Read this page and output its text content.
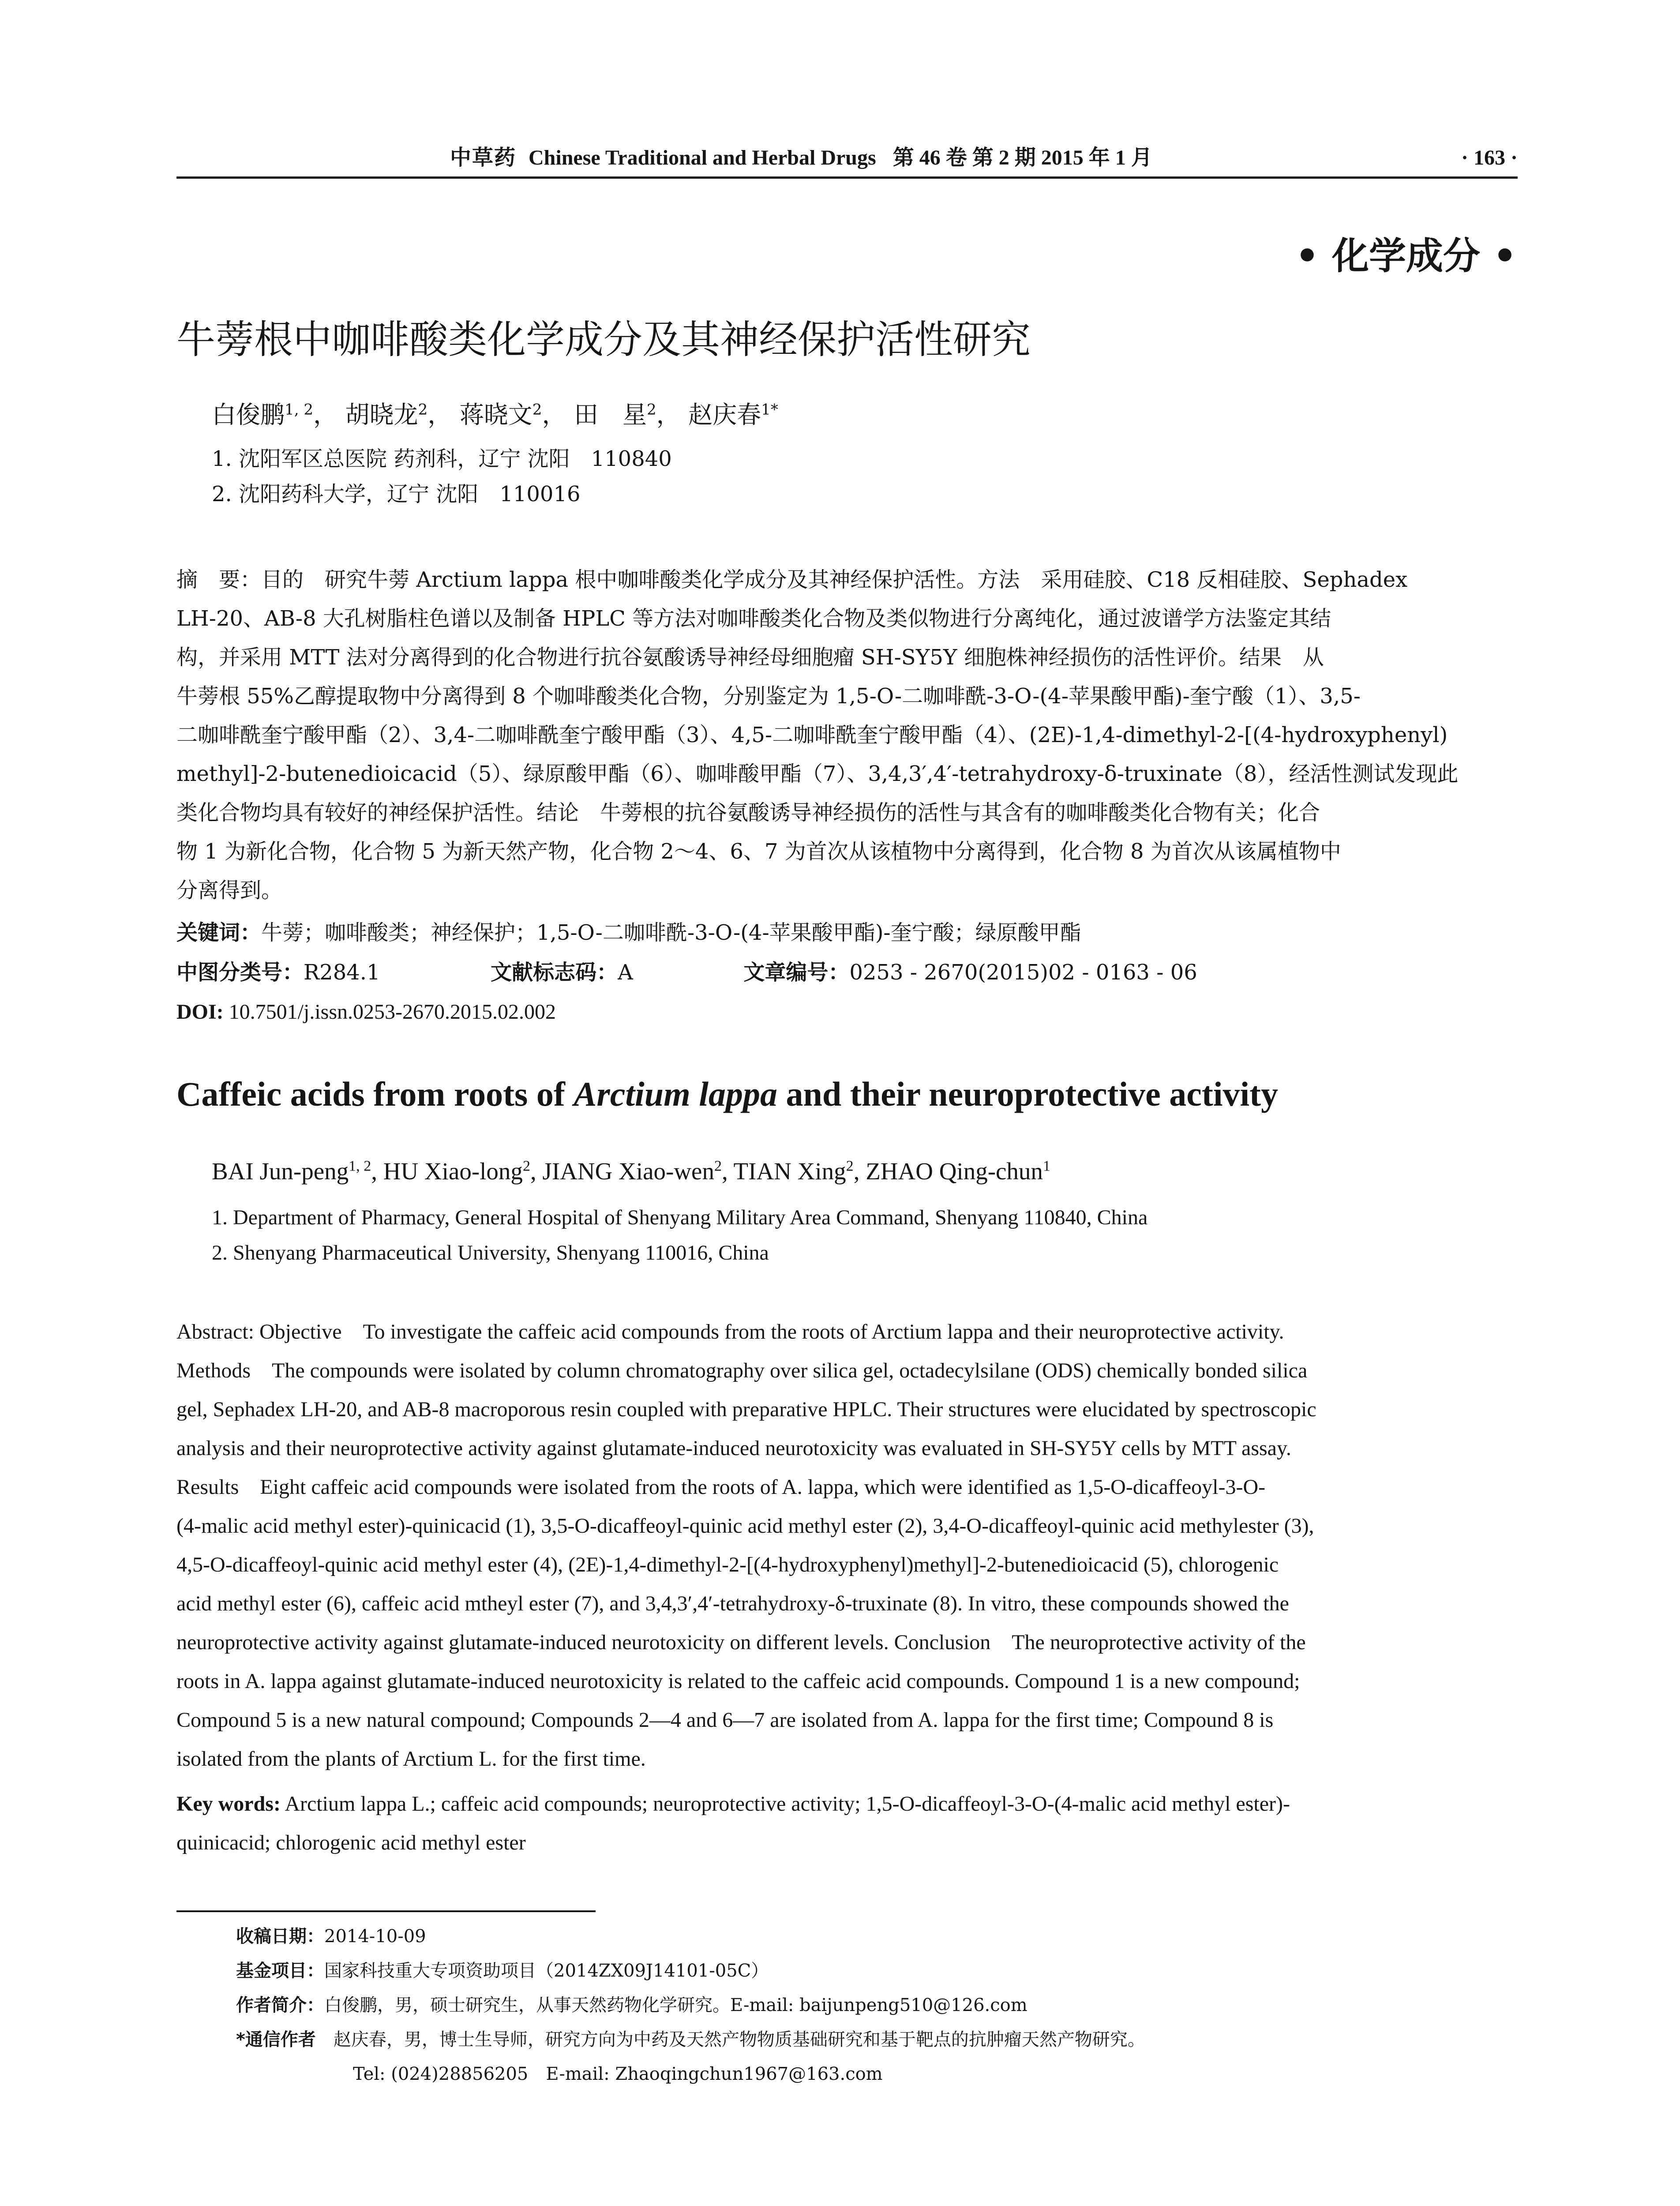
中草药 Chinese Traditional and Herbal Drugs 第 46 卷 第 2 期 2015 年 1 月	· 163 ·
• 化学成分 •
牛蒡根中咖啡酸类化学成分及其神经保护活性研究
白俊鹏$^{1, 2}$， 胡晓龙$^2$， 蒋晓文$^2$， 田　星$^2$， 赵庆春$^{1*}$
1. 沈阳军区总医院 药剂科，辽宁 沈阳　110840
2. 沈阳药科大学，辽宁 沈阳　110016
摘　要：目的　研究牛蒡 Arctium lappa 根中咖啡酸类化学成分及其神经保护活性。方法　采用硅胶、C18 反相硅胶、Sephadex
LH-20、AB-8 大孔树脂柱色谱以及制备 HPLC 等方法对咖啡酸类化合物及类似物进行分离纯化，通过波谱学方法鉴定其结
构，并采用 MTT 法对分离得到的化合物进行抗谷氨酸诱导神经母细胞瘤 SH-SY5Y 细胞株神经损伤的活性评价。结果　从
牛蒡根 55%乙醇提取物中分离得到 8 个咖啡酸类化合物，分别鉴定为 1,5-O-二咖啡酰-3-O-(4-苹果酸甲酯)-奎宁酸（1）、3,5-
二咖啡酰奎宁酸甲酯（2）、3,4-二咖啡酰奎宁酸甲酯（3）、4,5-二咖啡酰奎宁酸甲酯（4）、(2E)-1,4-dimethyl-2-[(4-hydroxyphenyl)
methyl]-2-butenedioicacid（5）、绿原酸甲酯（6）、咖啡酸甲酯（7）、3,4,3′,4′-tetrahydroxy-δ-truxinate（8），经活性测试发现此
类化合物均具有较好的神经保护活性。结论　牛蒡根的抗谷氨酸诱导神经损伤的活性与其含有的咖啡酸类化合物有关；化合
物 1 为新化合物，化合物 5 为新天然产物，化合物 2～4、6、7 为首次从该植物中分离得到，化合物 8 为首次从该属植物中
分离得到。
关键词：牛蒡；咖啡酸类；神经保护；1,5-O-二咖啡酰-3-O-(4-苹果酸甲酯)-奎宁酸；绿原酸甲酯
中图分类号：R284.1	文献标志码：A	文章编号：0253 - 2670(2015)02 - 0163 - 06
DOI: 10.7501/j.issn.0253-2670.2015.02.002
Caffeic acids from roots of Arctium lappa and their neuroprotective activity
BAI Jun-peng$^{1, 2}$, HU Xiao-long$^2$, JIANG Xiao-wen$^2$, TIAN Xing$^2$, ZHAO Qing-chun$^1$
1. Department of Pharmacy, General Hospital of Shenyang Military Area Command, Shenyang 110840, China
2. Shenyang Pharmaceutical University, Shenyang 110016, China
Abstract: Objective　To investigate the caffeic acid compounds from the roots of Arctium lappa and their neuroprotective activity.
Methods　The compounds were isolated by column chromatography over silica gel, octadecylsilane (ODS) chemically bonded silica
gel, Sephadex LH-20, and AB-8 macroporous resin coupled with preparative HPLC. Their structures were elucidated by spectroscopic
analysis and their neuroprotective activity against glutamate-induced neurotoxicity was evaluated in SH-SY5Y cells by MTT assay.
Results　Eight caffeic acid compounds were isolated from the roots of A. lappa, which were identified as 1,5-O-dicaffeoyl-3-O-
(4-malic acid methyl ester)-quinicacid (1), 3,5-O-dicaffeoyl-quinic acid methyl ester (2), 3,4-O-dicaffeoyl-quinic acid methylester (3),
4,5-O-dicaffeoyl-quinic acid methyl ester (4), (2E)-1,4-dimethyl-2-[(4-hydroxyphenyl)methyl]-2-butenedioicacid (5), chlorogenic
acid methyl ester (6), caffeic acid mtheyl ester (7), and 3,4,3′,4′-tetrahydroxy-δ-truxinate (8). In vitro, these compounds showed the
neuroprotective activity against glutamate-induced neurotoxicity on different levels. Conclusion　The neuroprotective activity of the
roots in A. lappa against glutamate-induced neurotoxicity is related to the caffeic acid compounds. Compound 1 is a new compound;
Compound 5 is a new natural compound; Compounds 2—4 and 6—7 are isolated from A. lappa for the first time; Compound 8 is
isolated from the plants of Arctium L. for the first time.
Key words: Arctium lappa L.; caffeic acid compounds; neuroprotective activity; 1,5-O-dicaffeoyl-3-O-(4-malic acid methyl ester)-
quinicacid; chlorogenic acid methyl ester
收稿日期：2014-10-09
基金项目：国家科技重大专项资助项目（2014ZX09J14101-05C）
作者简介：白俊鹏，男，硕士研究生，从事天然药物化学研究。E-mail: baijunpeng510@126.com
*通信作者 赵庆春，男，博士生导师，研究方向为中药及天然产物物质基础研究和基于靶点的抗肿瘤天然产物研究。
Tel: (024)28856205　E-mail: Zhaoqingchun1967@163.com
